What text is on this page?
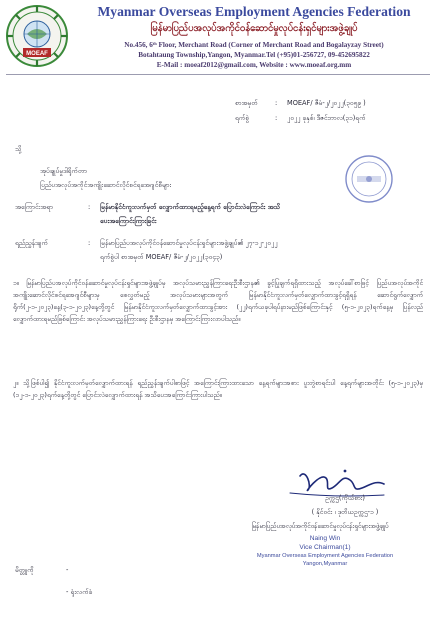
MOEAF
Myanmar Overseas Employment Agencies Federation
မြန်မာပြည်ပအလုပ်အကိုင်ဝန်ဆောင်မှုလုပ်ငန်းရှင်များအဖွဲ့ချုပ်
No.456, 6ᵗʰ Floor, Merchant Road (Corner of Merchant Road and Bogalayzay Street)
Botahtaung Township,Yangon, Myanmar.Tel (+95)01-256727, 09-452695822
E-Mail : moeaf2012@gmail.com, Website : www.moeaf.org.mm
စာအမှတ်	: MOEAF/ ဇီမံ-၂/၂၀၂၂(၃၀၅၉ )
ရက်စွဲ	: ၂၀၂၂ ခုနှစ်၊ ဒီဇင်ဘာလ(၃၁)ရက်
သို့
အုပ်ချုပ်မှုဒါရိုက်တာ
ပြည်ပအလုပ်အကိုင်အကျိုးဆောင်လိုင်စင်ရအေဂျင်စီများ
အကြောင်းအရာ	: မြန်မာနိုင်ငံကူးလက်မှတ် လျှောက်ထားရမည့်နေ့ရက် ပြောင်းလဲကြောင်း အသိ
ပေးအကြောင်းကြားခြင်း
ရည်ညွှန်းချက်	: မြန်မာပြည်ပအလုပ်ကိုင်ဝန်ဆောင်မှုလုပ်ငန်းရှင်များအဖွဲ့ချုပ်၏ ၂၇-၁၂-၂၀၂၂
ရက်စွဲပါ စာအမှတ် MOEAF/ ဇီမံ-၂/၂၀၂၂(၃၀၄၃)
၁။ မြန်မာပြည်ပအလုပ်ကိုင်ဝန်ဆောင်မှုလုပ်ငန်းရှင်များအဖွဲ့ချုပ်မှ အလုပ်သမားညွှန်ကြားရေးဦးစီးဌာန၏ ခွင့်ပြုချက်ရရှိထားသည့် အလုပ်ခေါ်စာဖြင့် ပြည်ပအလုပ်အကိုင်အကျိုးဆောင်လိုင်စင်ရအေဂျင်စီများမှ စေလွှတ်မည့် အလုပ်သမားများအတွက် မြန်မာနိုင်ငံကူးလက်မှတ်လျှောက်ထားခွင့်ရရှိရန် ဆောင်ရွက်လျှောက်ရိုက်(၂-၁-၂၀၂၃)နေ့(၃-၁-၂၀၂၃)နေ့တို့တွင် မြန်မာနိုင်ငံကူးလက်မှတ်လျှောက်ထားခွင့်အား (၂၂)ရက်ယခုပါရပ်နားမည်ဖြစ်ကြောင်းနှင့် (၅-၁-၂၀၂၃)ရက်နေ့မှ ပြန်လည်လျှောက်ထားရမည်ဖြစ်ကြောင်း အလုပ်သမားညွှန်ကြားရေး ဦးစီးဌာနမှ အကြောင်းကြားလာပါသည်။
၂။ သို့ဖြစ်ပါ၍ နိုင်ငံကူးလက်မှတ်လျှောက်ထားရန် ရည်ညွှန်းချက်ပါစာဖြင့် အကြောင်းကြားထားသော နေ့ရက်များအစား ပူးတွဲစာရင်းပါ နေ့ရက်များအတိုင်း (၅-၁-၂၀၂၃)မှ (၁၂-၁-၂၀၂၃)ရက်နေ့တို့တွင် ပြောင်းလဲလျှောက်ထားရန် အသိပေးအကြောင်းကြားပါသည်။
ဥက္ကဌ(ကိုယ်စား)
( နိုင်ဝင်း ၊ ဒုတိယဥက္ကဌ-၁ )
မြန်မာပြည်ပအလုပ်အကိုင်ဝန်ဆောင်မှုလုပ်ငန်းရှင်များအဖွဲ့ချုပ်
Naing Win
Vice Chairman(1)
Myanmar Overseas Employment Agencies Federation
Yangon,Myanmar
မိတ္တူကို	-
- ရုံးလက်ခံ
